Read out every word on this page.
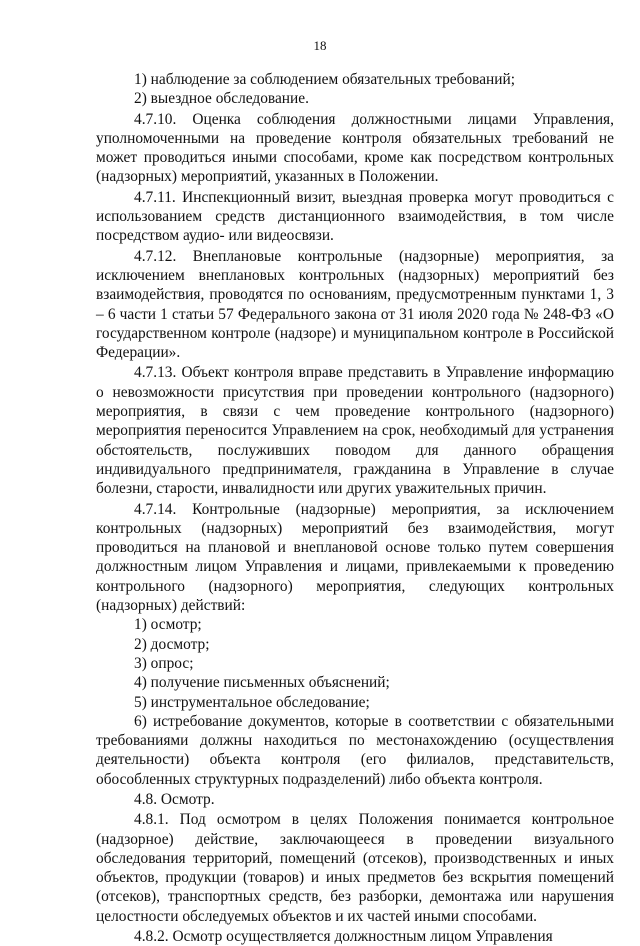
18

1) наблюдение за соблюдением обязательных требований;

2) выездное обследование.

4.7.10. Оценка соблюдения должностными лицами Управления, уполномоченными на проведение контроля обязательных требований не может проводиться иными способами, кроме как посредством контрольных (надзорных) мероприятий, указанных в Положении.

4.7.11. Инспекционный визит, выездная проверка могут проводиться с использованием средств дистанционного взаимодействия, в том числе посредством аудио- или видеосвязи.

4.7.12. Внеплановые контрольные (надзорные) мероприятия, за исключением внеплановых контрольных (надзорных) мероприятий без взаимодействия, проводятся по основаниям, предусмотренным пунктами 1, 3 – 6 части 1 статьи 57 Федерального закона от 31 июля 2020 года № 248-ФЗ «О государственном контроле (надзоре) и муниципальном контроле в Российской Федерации».

4.7.13. Объект контроля вправе представить в Управление информацию о невозможности присутствия при проведении контрольного (надзорного) мероприятия, в связи с чем проведение контрольного (надзорного) мероприятия переносится Управлением на срок, необходимый для устранения обстоятельств, послуживших поводом для данного обращения индивидуального предпринимателя, гражданина в Управление в случае болезни, старости, инвалидности или других уважительных причин.

4.7.14. Контрольные (надзорные) мероприятия, за исключением контрольных (надзорных) мероприятий без взаимодействия, могут проводиться на плановой и внеплановой основе только путем совершения должностным лицом Управления и лицами, привлекаемыми к проведению контрольного (надзорного) мероприятия, следующих контрольных (надзорных) действий:

1) осмотр;

2) досмотр;

3) опрос;

4) получение письменных объяснений;

5) инструментальное обследование;

6) истребование документов, которые в соответствии с обязательными требованиями должны находиться по местонахождению (осуществления деятельности) объекта контроля (его филиалов, представительств, обособленных структурных подразделений) либо объекта контроля.

4.8. Осмотр.

4.8.1. Под осмотром в целях Положения понимается контрольное (надзорное) действие, заключающееся в проведении визуального обследования территорий, помещений (отсеков), производственных и иных объектов, продукции (товаров) и иных предметов без вскрытия помещений (отсеков), транспортных средств, без разборки, демонтажа или нарушения целостности обследуемых объектов и их частей иными способами.

4.8.2. Осмотр осуществляется должностным лицом Управления
